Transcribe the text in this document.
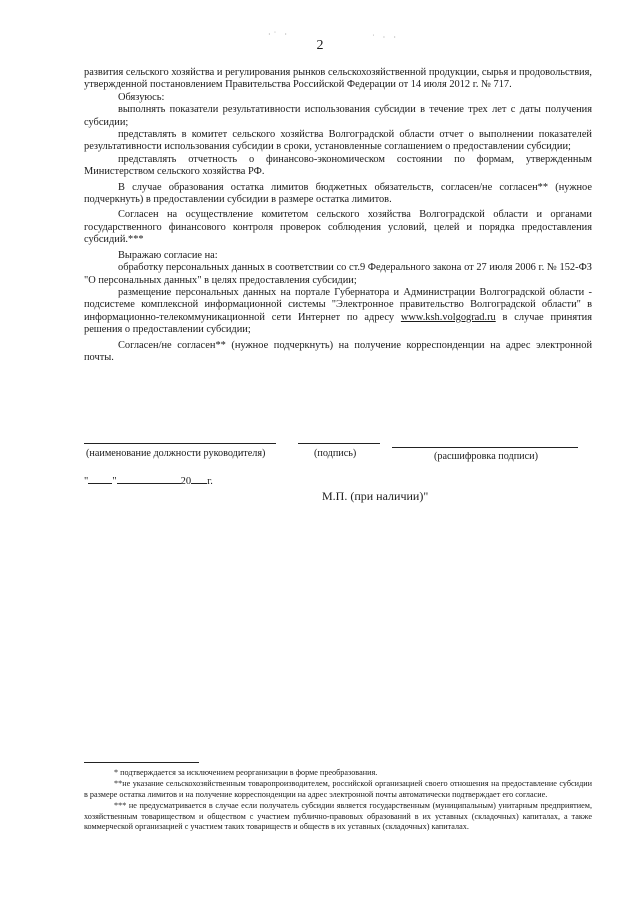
·˙ ·	˙ · ·
2

развития сельского хозяйства и регулирования рынков сельскохозяйственной продукции, сырья и продовольствия, утвержденной постановлением Правительства Российской Федерации от 14 июля 2012 г. № 717.

Обязуюсь:

выполнять показатели результативности использования субсидии в течение трех лет с даты получения субсидии;

представлять в комитет сельского хозяйства Волгоградской области отчет о выполнении показателей результативности использования субсидии в сроки, установленные соглашением о предоставлении субсидии;

представлять отчетность о финансово-экономическом состоянии по формам, утвержденным Министерством сельского хозяйства РФ.

В случае образования остатка лимитов бюджетных обязательств, согласен/не согласен** (нужное подчеркнуть) в предоставлении субсидии в размере остатка лимитов.

Согласен на осуществление комитетом сельского хозяйства Волгоградской области и органами государственного финансового контроля проверок соблюдения условий, целей и порядка предоставления субсидий.***

Выражаю согласие на:

обработку персональных данных в соответствии со ст.9 Федерального закона от 27 июля 2006 г. № 152-ФЗ "О персональных данных" в целях предоставления субсидии;

размещение персональных данных на портале Губернатора и Администрации Волгоградской области - подсистеме комплексной информационной системы "Электронное правительство Волгоградской области" в информационно-телекоммуникационной сети Интернет по адресу www.ksh.volgograd.ru в случае принятия решения о предоставлении субсидии;

Согласен/не согласен** (нужное подчеркнуть) на получение корреспонденции на адрес электронной почты.

(наименование должности руководителя)	(подпись)	(расшифровка подписи)
" "	20 г.
М.П. (при наличии)"

* подтверждается за исключением реорганизации в форме преобразования.

**не указание сельскохозяйственным товаропроизводителем, российской организацией своего отношения на предоставление субсидии в размере остатка лимитов и на получение корреспонденции на адрес электронной почты автоматически подтверждает его согласие.

*** не предусматривается в случае если получатель субсидии является государственным (муниципальным) унитарным предприятием, хозяйственным товариществом и обществом с участием публично-правовых образований в их уставных (складочных) капиталах, а также коммерческой организацией с участием таких товариществ и обществ в их уставных (складочных) капиталах.
